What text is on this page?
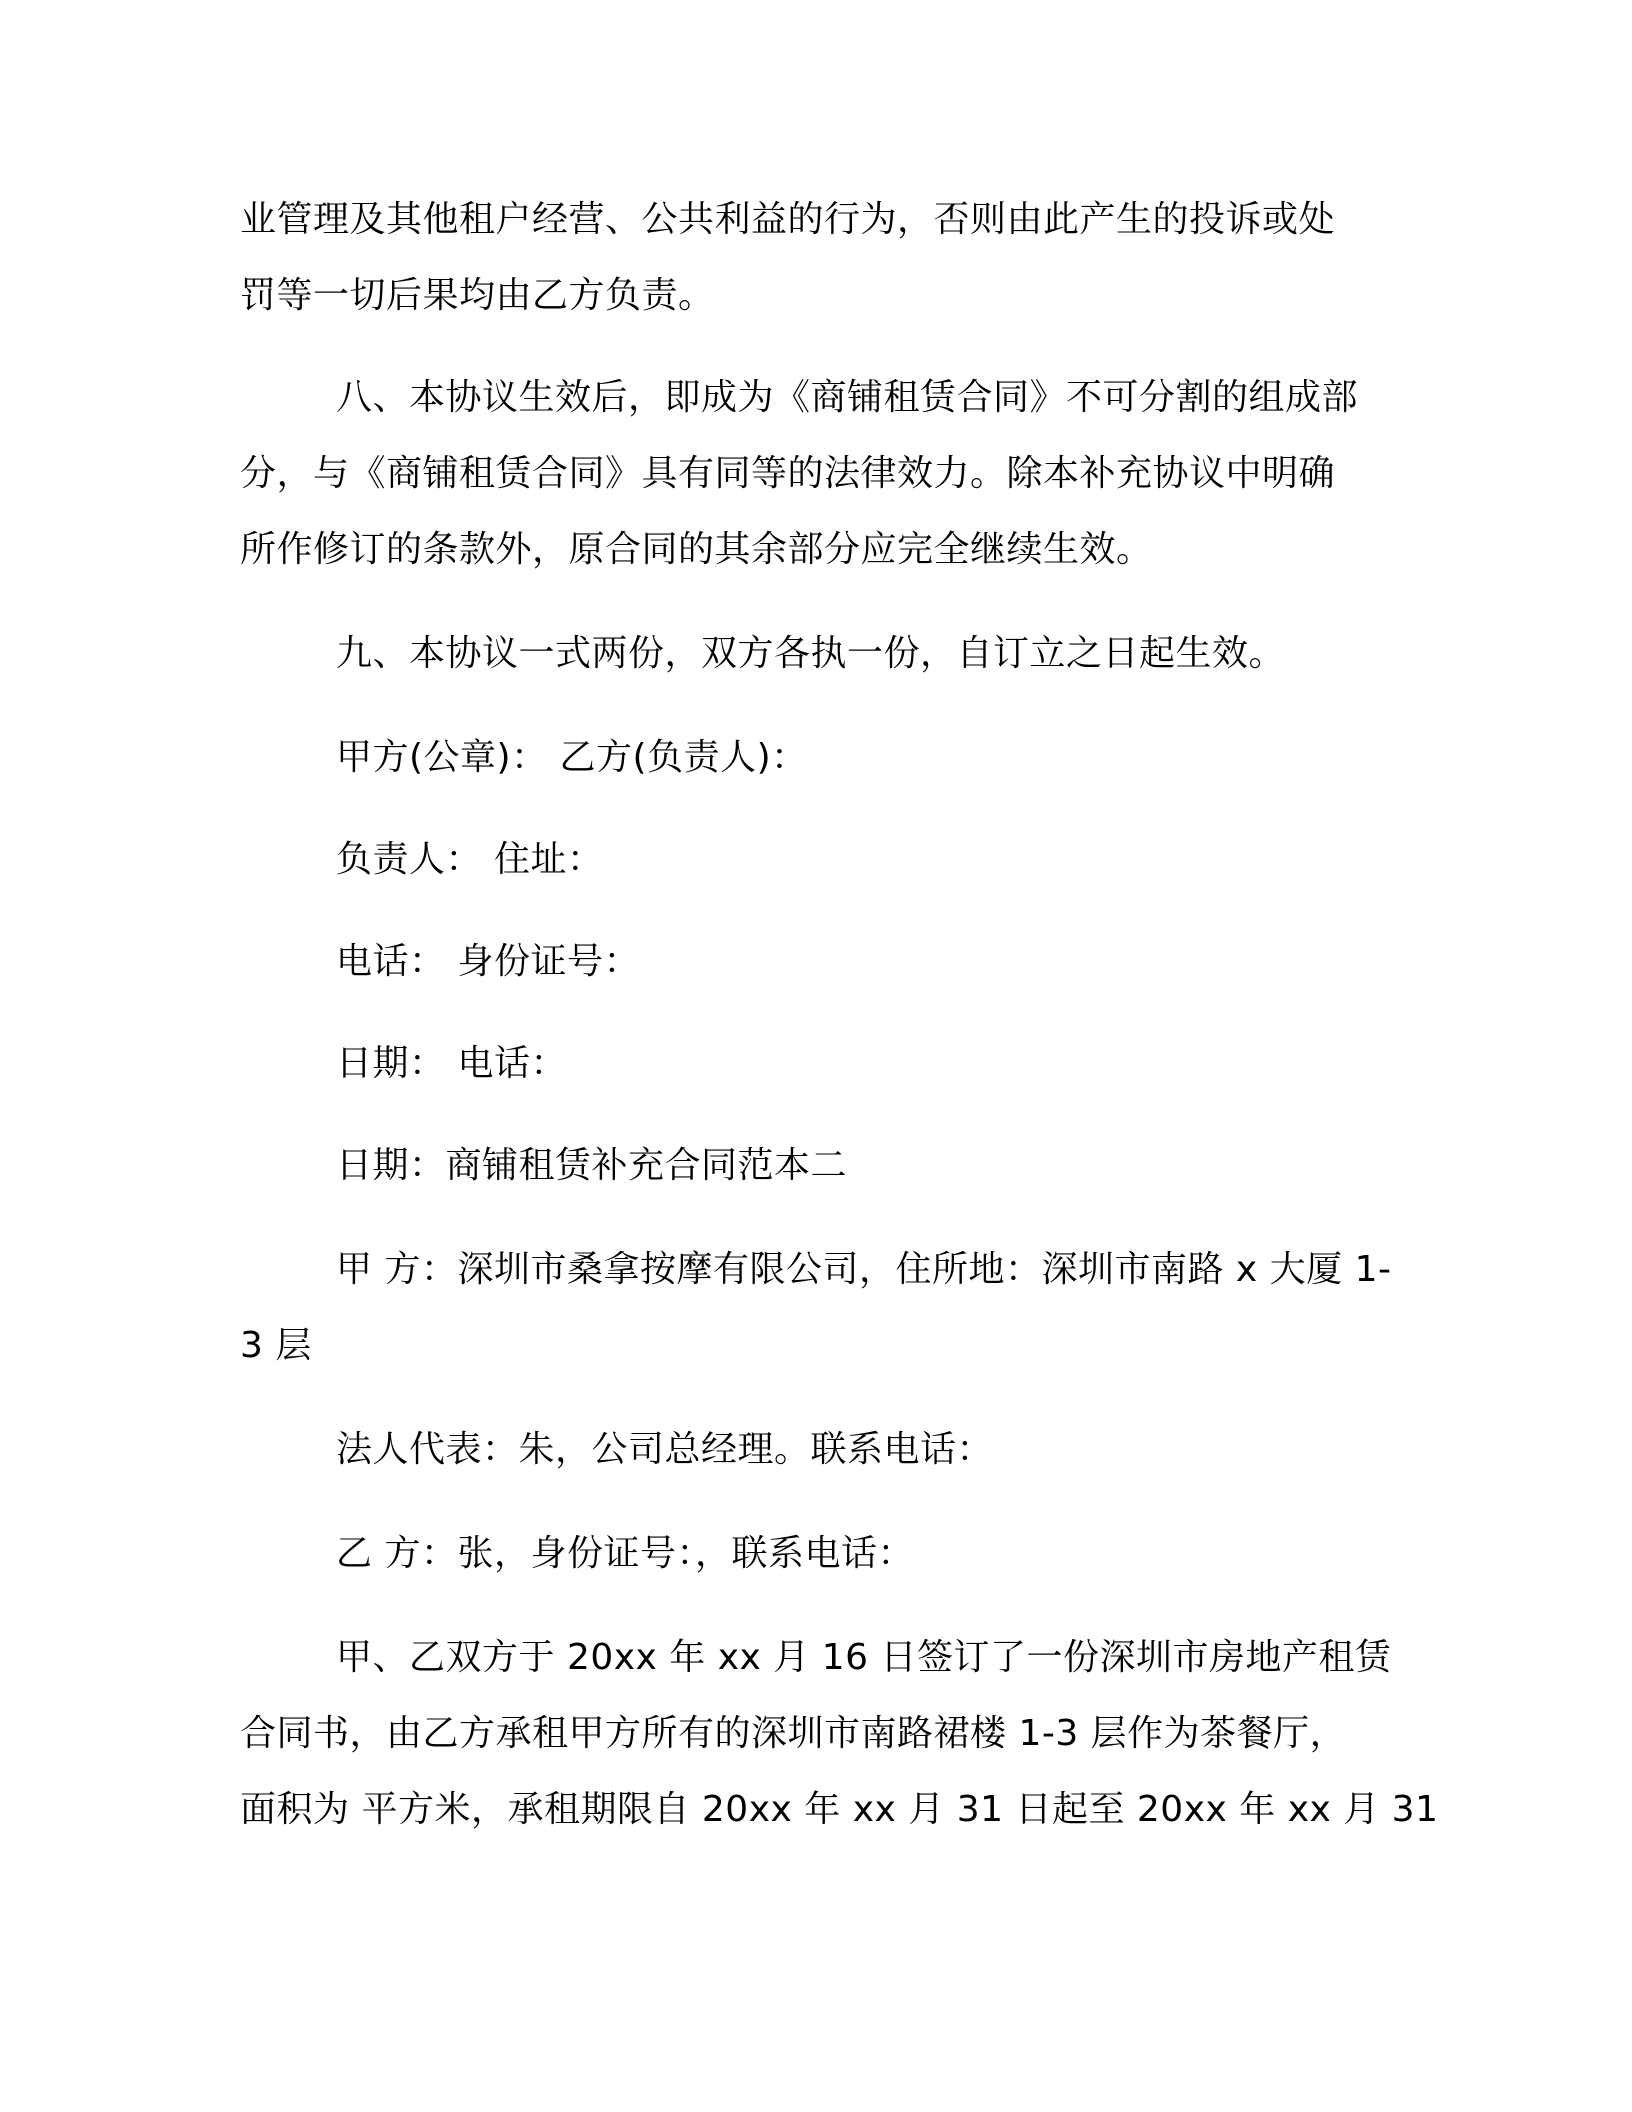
业管理及其他租户经营、公共利益的行为，否则由此产生的投诉或处
罚等一切后果均由乙方负责。
八、本协议生效后，即成为《商铺租赁合同》不可分割的组成部
分，与《商铺租赁合同》具有同等的法律效力。除本补充协议中明确
所作修订的条款外，原合同的其余部分应完全继续生效。
九、本协议一式两份，双方各执一份，自订立之日起生效。
甲方(公章)： 乙方(负责人)：
负责人： 住址：
电话： 身份证号：
日期： 电话：
日期：商铺租赁补充合同范本二
甲 方：深圳市桑拿按摩有限公司，住所地：深圳市南路 x 大厦 1-
3 层
法人代表：朱，公司总经理。联系电话：
乙 方：张，身份证号：，联系电话：
甲、乙双方于 20xx 年 xx 月 16 日签订了一份深圳市房地产租赁
合同书，由乙方承租甲方所有的深圳市南路裙楼 1-3 层作为茶餐厅，
面积为 平方米，承租期限自 20xx 年 xx 月 31 日起至 20xx 年 xx 月 31
